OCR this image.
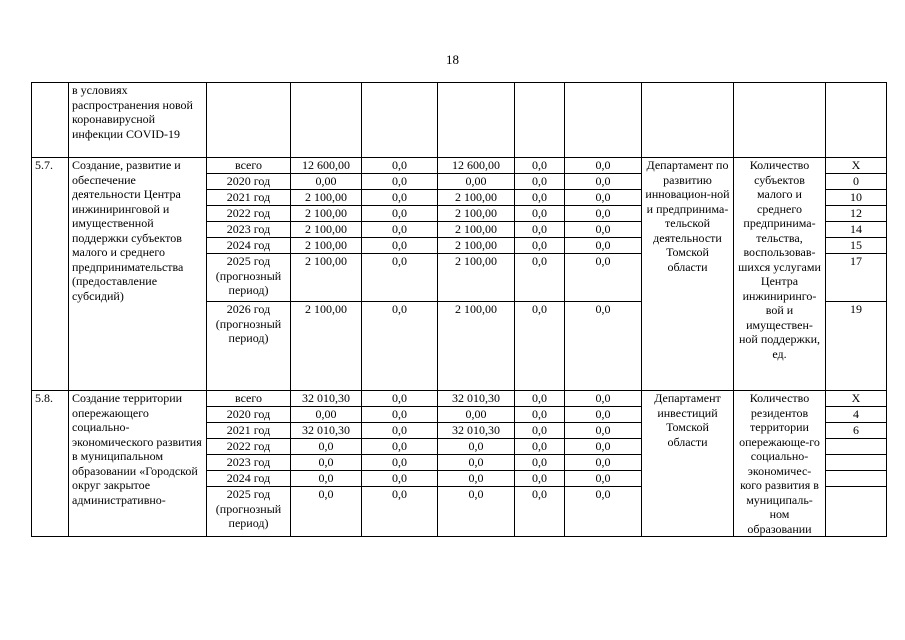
18
	в условиях распространения новой коронавирусной инфекции COVID-19									
5.7.	Создание, развитие и обеспечение деятельности Центра инжиниринговой и имущественной поддержки субъектов малого и среднего предпринимательства (предоставление субсидий)	всего	12 600,00	0,0	12 600,00	0,0	0,0	Департамент по развитию инновацион-ной и предпринима-тельской деятельности Томской области	Количество субъектов малого и среднего предпринима-тельства, воспользовав-шихся услугами Центра инжиниринго-вой и имуществен-ной поддержки, ед.	Х
		2020 год	0,00	0,0	0,00	0,0	0,0			0
		2021 год	2 100,00	0,0	2 100,00	0,0	0,0			10
		2022 год	2 100,00	0,0	2 100,00	0,0	0,0			12
		2023 год	2 100,00	0,0	2 100,00	0,0	0,0			14
		2024 год	2 100,00	0,0	2 100,00	0,0	0,0			15
		2025 год (прогнозный период)	2 100,00	0,0	2 100,00	0,0	0,0			17
		2026 год (прогнозный период)	2 100,00	0,0	2 100,00	0,0	0,0			19
5.8.	Создание территории опережающего социально-экономического развития в муниципальном образовании «Городской округ закрытое административно-	всего	32 010,30	0,0	32 010,30	0,0	0,0	Департамент инвестиций Томской области	Количество резидентов территории опережающе-го социально-экономичес-кого развития в муниципаль-ном образовании	Х
		2020 год	0,00	0,0	0,00	0,0	0,0			4
		2021 год	32 010,30	0,0	32 010,30	0,0	0,0			6
		2022 год	0,0	0,0	0,0	0,0	0,0			
		2023 год	0,0	0,0	0,0	0,0	0,0			
		2024 год	0,0	0,0	0,0	0,0	0,0			
		2025 год (прогнозный период)	0,0	0,0	0,0	0,0	0,0			
